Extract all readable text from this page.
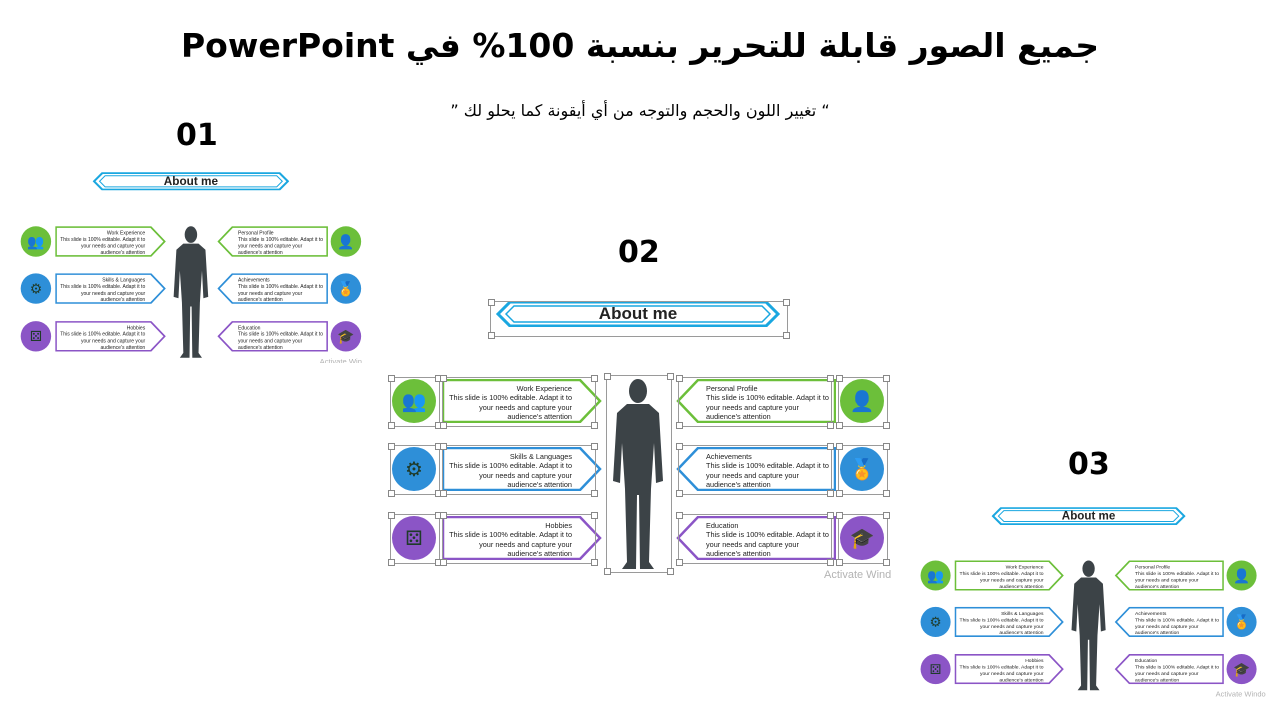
جميع الصور قابلة للتحرير بنسبة 100% في PowerPoint
“ تغيير اللون والحجم والتوجه من أي أيقونة كما يحلو لك ”
01
02
03
About me
👥
Work Experience
This slide is 100% editable. Adapt it to
your needs and capture your
audience's attention
⚙
Skills & Languages
This slide is 100% editable. Adapt it to
your needs and capture your
audience's attention
⚄
Hobbies
This slide is 100% editable. Adapt it to
your needs and capture your
audience's attention
Personal Profile
This slide is 100% editable. Adapt it to
your needs and capture your
audience's attention
👤
Achievements
This slide is 100% editable. Adapt it to
your needs and capture your
audience's attention
🏅
Education
This slide is 100% editable. Adapt it to
your needs and capture your
audience's attention
🎓
Activate Win
About me
👥
Work Experience
This slide is 100% editable. Adapt it to
your needs and capture your
audience's attention
⚙
Skills & Languages
This slide is 100% editable. Adapt it to
your needs and capture your
audience's attention
⚄
Hobbies
This slide is 100% editable. Adapt it to
your needs and capture your
audience's attention
Personal Profile
This slide is 100% editable. Adapt it to
your needs and capture your
audience's attention
👤
Achievements
This slide is 100% editable. Adapt it to
your needs and capture your
audience's attention
🏅
Education
This slide is 100% editable. Adapt it to
your needs and capture your
audience's attention
🎓
Activate Wind
About me
👥
Work Experience
This slide is 100% editable. Adapt it to
your needs and capture your
audience's attention
⚙
Skills & Languages
This slide is 100% editable. Adapt it to
your needs and capture your
audience's attention
⚄
Hobbies
This slide is 100% editable. Adapt it to
your needs and capture your
audience's attention
Personal Profile
This slide is 100% editable. Adapt it to
your needs and capture your
audience's attention
👤
Achievements
This slide is 100% editable. Adapt it to
your needs and capture your
audience's attention
🏅
Education
This slide is 100% editable. Adapt it to
your needs and capture your
audience's attention
🎓
Activate Windo
